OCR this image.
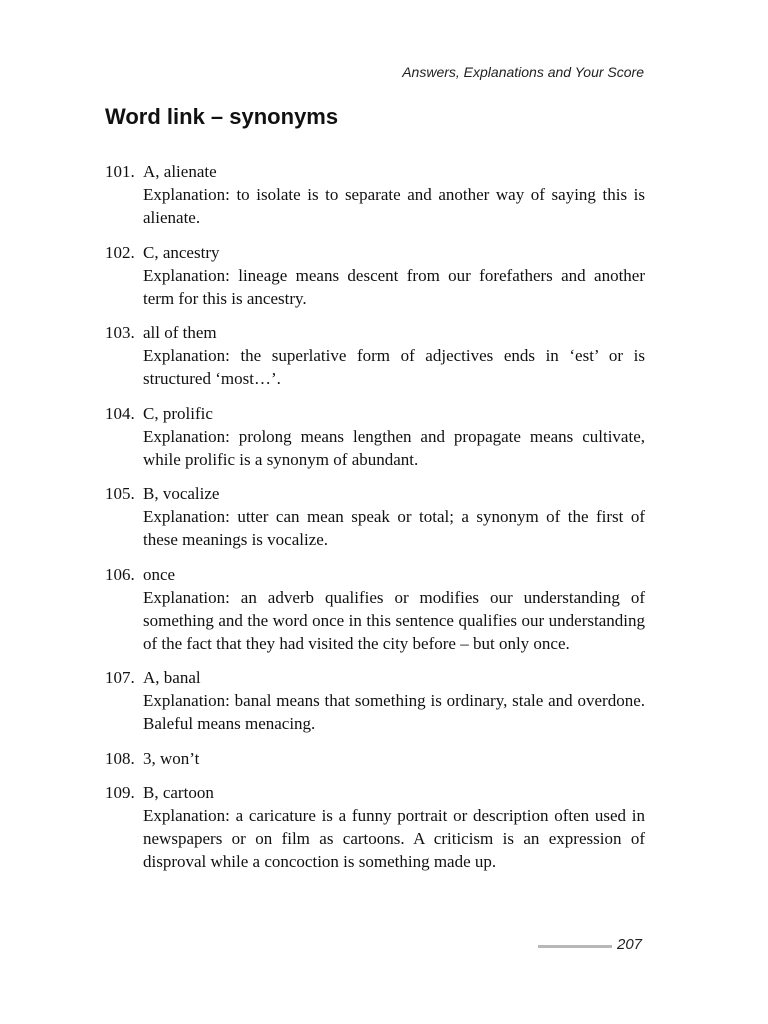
Answers, Explanations and Your Score
Word link – synonyms
101. A, alienate
Explanation: to isolate is to separate and another way of saying this is alienate.
102. C, ancestry
Explanation: lineage means descent from our forefathers and another term for this is ancestry.
103. all of them
Explanation: the superlative form of adjectives ends in ‘est’ or is structured ‘most…’.
104. C, prolific
Explanation: prolong means lengthen and propagate means cultivate, while prolific is a synonym of abundant.
105. B, vocalize
Explanation: utter can mean speak or total; a synonym of the first of these meanings is vocalize.
106. once
Explanation: an adverb qualifies or modifies our understanding of something and the word once in this sentence qualifies our understanding of the fact that they had visited the city before – but only once.
107. A, banal
Explanation: banal means that something is ordinary, stale and overdone. Baleful means menacing.
108. 3, won’t
109. B, cartoon
Explanation: a caricature is a funny portrait or description often used in newspapers or on film as cartoons. A criticism is an expression of disproval while a concoction is something made up.
207
